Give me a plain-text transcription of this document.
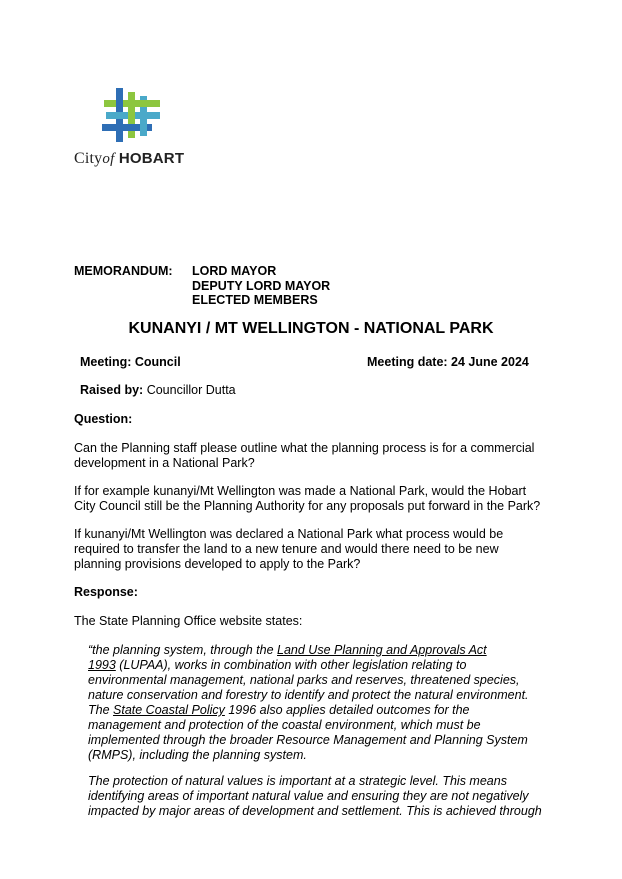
Cityof HOBART
MEMORANDUM: LORD MAYOR
DEPUTY LORD MAYOR
ELECTED MEMBERS
KUNANYI / MT WELLINGTON - NATIONAL PARK
Meeting: Council	Meeting date: 24 June 2024
Raised by: Councillor Dutta
Question:
Can the Planning staff please outline what the planning process is for a commercial
development in a National Park?
If for example kunanyi/Mt Wellington was made a National Park, would the Hobart
City Council still be the Planning Authority for any proposals put forward in the Park?
If kunanyi/Mt Wellington was declared a National Park what process would be
required to transfer the land to a new tenure and would there need to be new
planning provisions developed to apply to the Park?
Response:
The State Planning Office website states:
“the planning system, through the Land Use Planning and Approvals Act
1993 (LUPAA), works in combination with other legislation relating to
environmental management, national parks and reserves, threatened species,
nature conservation and forestry to identify and protect the natural environment.
The State Coastal Policy 1996 also applies detailed outcomes for the
management and protection of the coastal environment, which must be
implemented through the broader Resource Management and Planning System
(RMPS), including the planning system.
The protection of natural values is important at a strategic level. This means
identifying areas of important natural value and ensuring they are not negatively
impacted by major areas of development and settlement. This is achieved through
